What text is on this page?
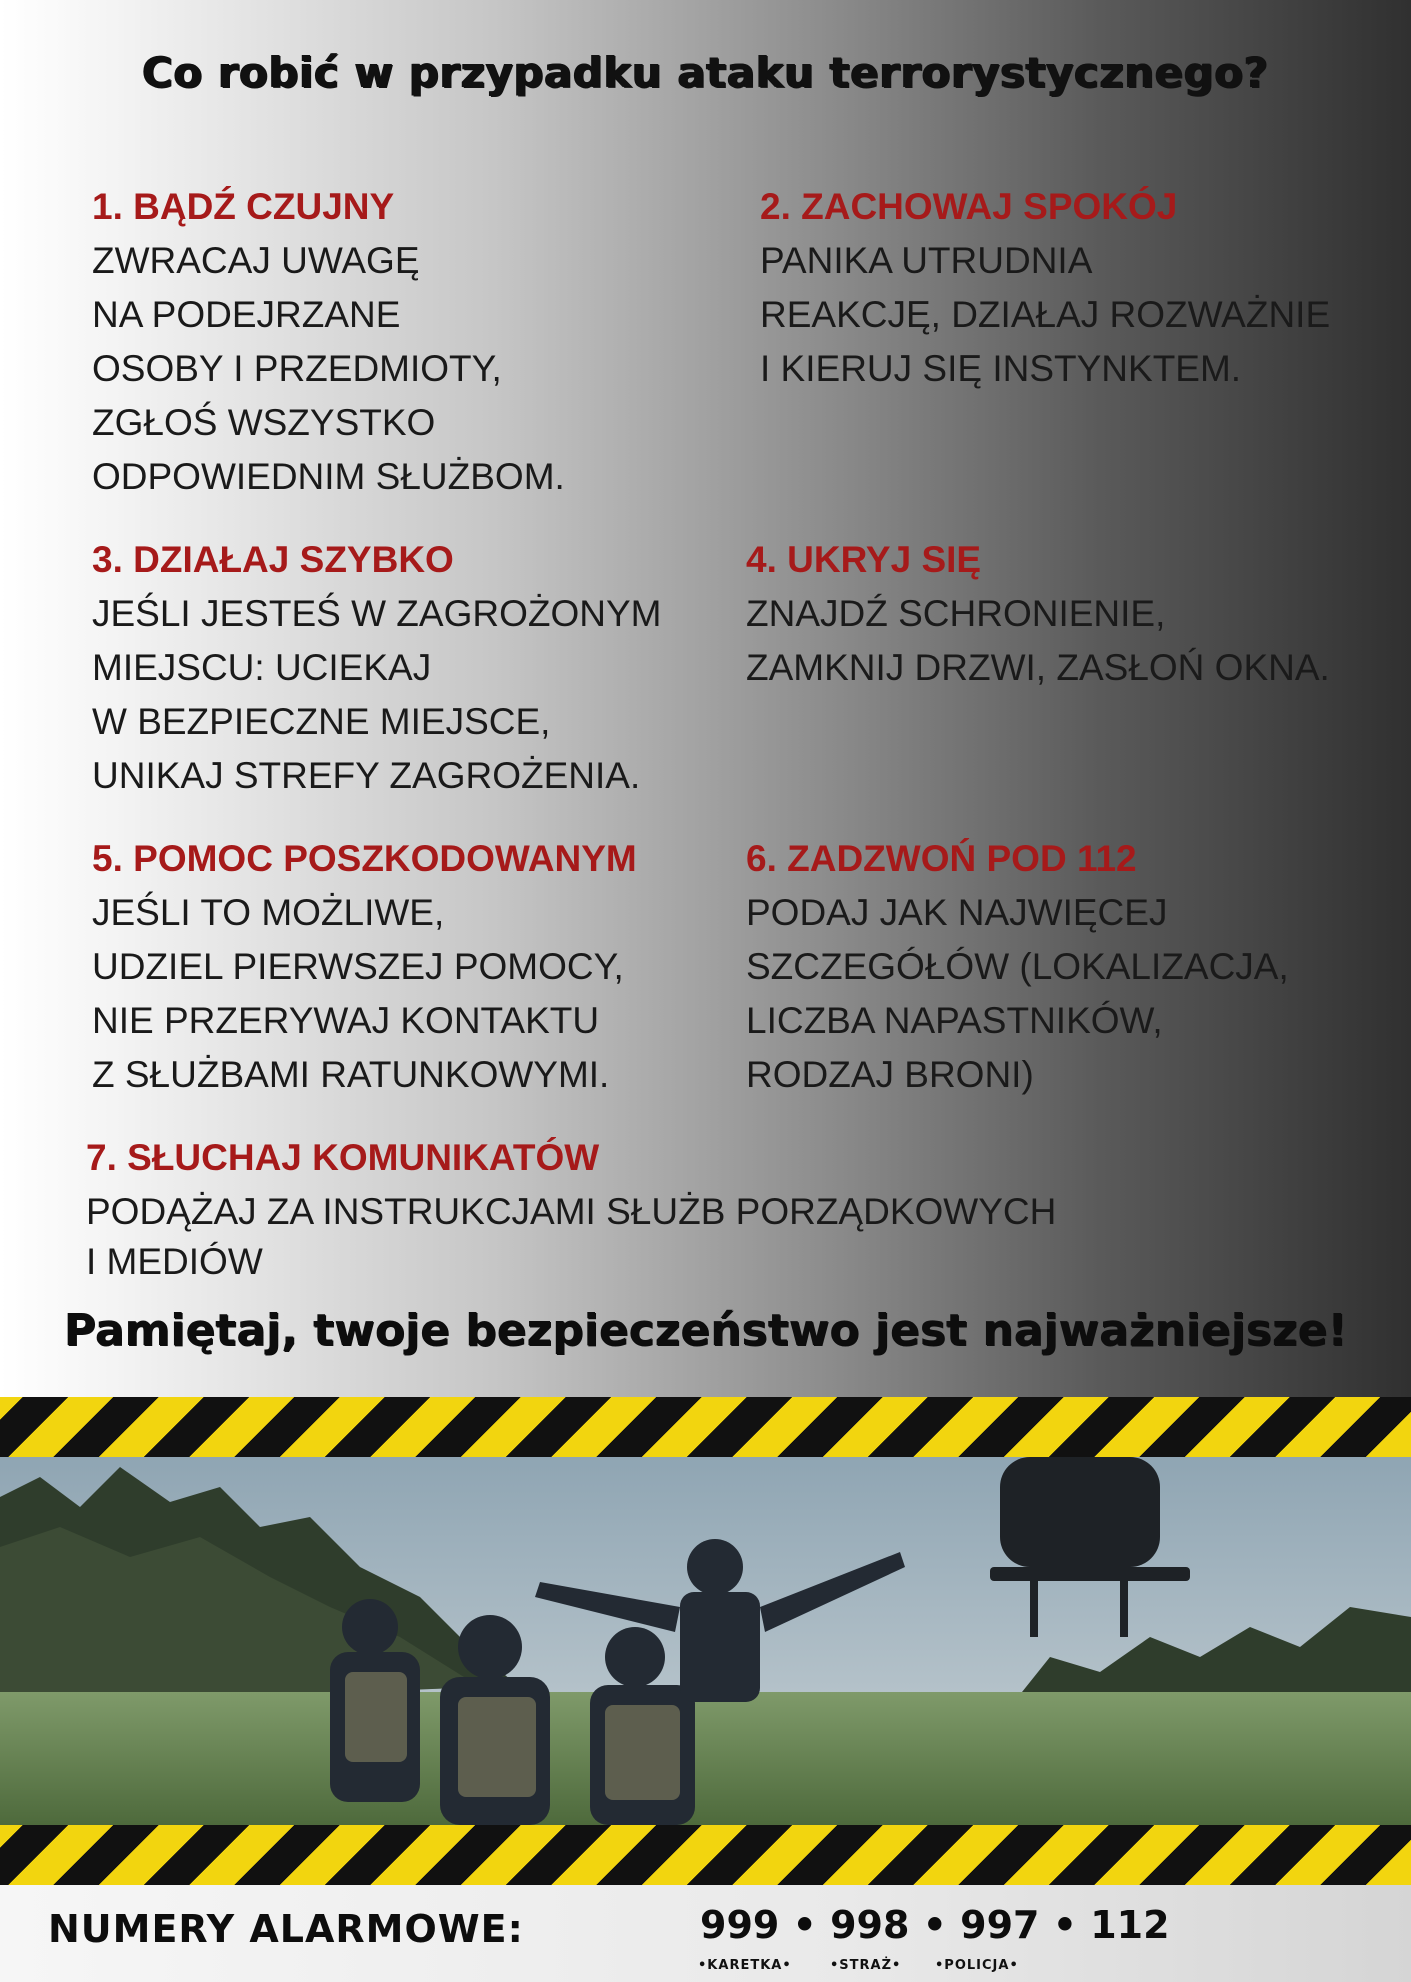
Co robić w przypadku ataku terrorystycznego?

1. BĄDŹ CZUJNY

ZWRACAJ UWAGĘ

NA PODEJRZANE

OSOBY I PRZEDMIOTY,

ZGŁOŚ WSZYSTKO

ODPOWIEDNIM SŁUŻBOM.

2. ZACHOWAJ SPOKÓJ

PANIKA UTRUDNIA

REAKCJĘ, DZIAŁAJ ROZWAŻNIE

I KIERUJ SIĘ INSTYNKTEM.

3. DZIAŁAJ SZYBKO

JEŚLI JESTEŚ W ZAGROŻONYM

MIEJSCU: UCIEKAJ

W BEZPIECZNE MIEJSCE,

UNIKAJ STREFY ZAGROŻENIA.

4. UKRYJ SIĘ

ZNAJDŹ SCHRONIENIE,

ZAMKNIJ DRZWI, ZASŁOŃ OKNA.

5. POMOC POSZKODOWANYM

JEŚLI TO MOŻLIWE,

UDZIEL PIERWSZEJ POMOCY,

NIE PRZERYWAJ KONTAKTU

Z SŁUŻBAMI RATUNKOWYMI.

6. ZADZWOŃ POD 112

PODAJ JAK NAJWIĘCEJ

SZCZEGÓŁÓW (LOKALIZACJA,

LICZBA NAPASTNIKÓW,

RODZAJ BRONI)

7. SŁUCHAJ KOMUNIKATÓW

PODĄŻAJ ZA INSTRUKCJAMI SŁUŻB PORZĄDKOWYCH

I MEDIÓW

Pamiętaj, twoje bezpieczeństwo jest najważniejsze!
NUMERY ALARMOWE:	999 • 998 • 997 • 112
•KARETKA•	•STRAŻ•	•POLICJA•
